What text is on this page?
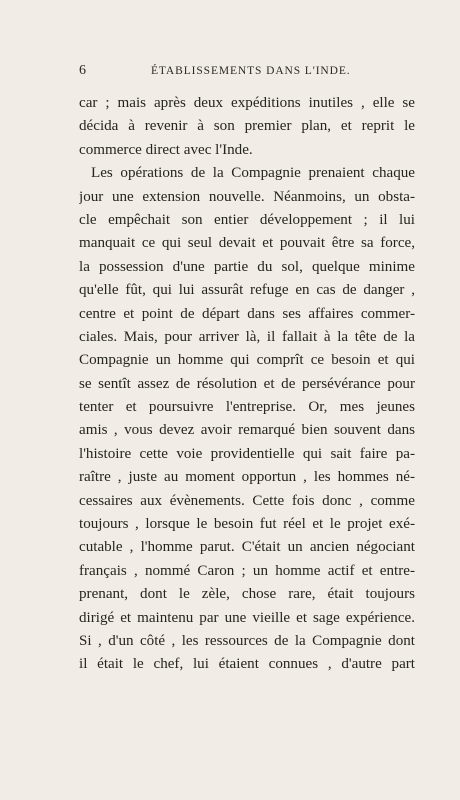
6	ÉTABLISSEMENTS DANS L'INDE.
car ; mais après deux expéditions inutiles , elle se
décida à revenir à son premier plan, et reprit le
commerce direct avec l'Inde.
Les opérations de la Compagnie prenaient chaque
jour une extension nouvelle. Néanmoins, un obsta-
cle empêchait son entier développement ; il lui
manquait ce qui seul devait et pouvait être sa force,
la possession d'une partie du sol, quelque minime
qu'elle fût, qui lui assurât refuge en cas de danger ,
centre et point de départ dans ses affaires commer-
ciales. Mais, pour arriver là, il fallait à la tête de la
Compagnie un homme qui comprît ce besoin et qui
se sentît assez de résolution et de persévérance pour
tenter et poursuivre l'entreprise. Or, mes jeunes
amis , vous devez avoir remarqué bien souvent dans
l'histoire cette voie providentielle qui sait faire pa-
raître , juste au moment opportun , les hommes né-
cessaires aux évènements. Cette fois donc , comme
toujours , lorsque le besoin fut réel et le projet exé-
cutable , l'homme parut. C'était un ancien négociant
français , nommé Caron ; un homme actif et entre-
prenant, dont le zèle, chose rare, était toujours
dirigé et maintenu par une vieille et sage expérience.
Si , d'un côté , les ressources de la Compagnie dont
il était le chef, lui étaient connues , d'autre part
